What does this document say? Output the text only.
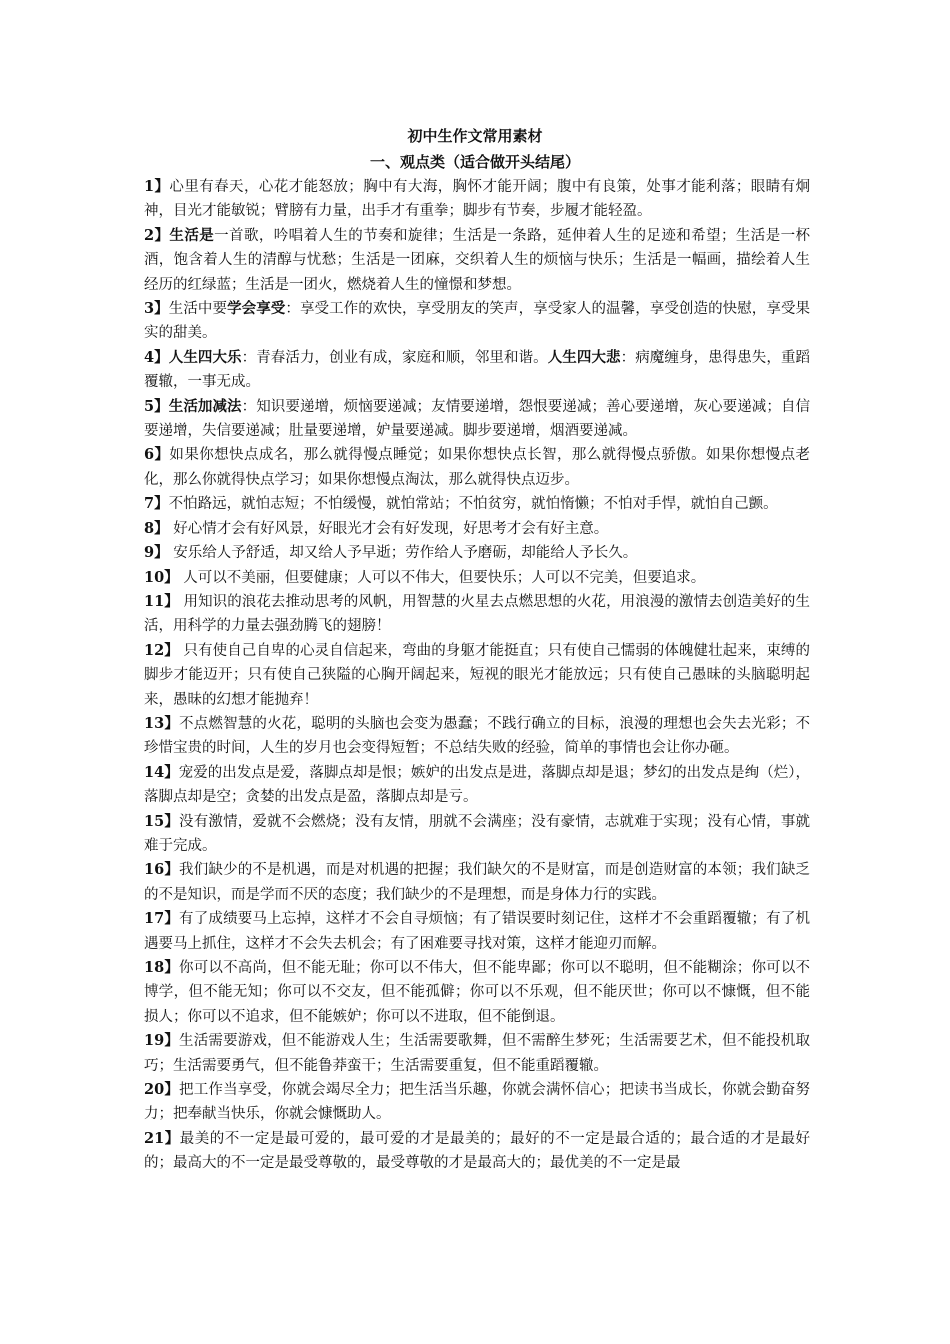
初中生作文常用素材
一、观点类（适合做开头结尾）

1】心里有春天，心花才能怒放；胸中有大海，胸怀才能开阔；腹中有良策，处事才能利落；眼睛有炯神，目光才能敏锐；臂膀有力量，出手才有重拳；脚步有节奏，步履才能轻盈。

2】生活是一首歌，吟唱着人生的节奏和旋律；生活是一条路，延伸着人生的足迹和希望；生活是一杯酒，饱含着人生的清醇与忧愁；生活是一团麻，交织着人生的烦恼与快乐；生活是一幅画，描绘着人生经历的红绿蓝；生活是一团火，燃烧着人生的憧憬和梦想。

3】生活中要学会享受：享受工作的欢快，享受朋友的笑声，享受家人的温馨，享受创造的快慰，享受果实的甜美。

4】人生四大乐：青春活力，创业有成，家庭和顺，邻里和谐。人生四大悲：病魔缠身，患得患失，重蹈覆辙，一事无成。

5】生活加减法：知识要递增，烦恼要递减；友情要递增，怨恨要递减；善心要递增，灰心要递减；自信要递增，失信要递减；肚量要递增，妒量要递减。脚步要递增，烟酒要递减。

6】如果你想快点成名，那么就得慢点睡觉；如果你想快点长智，那么就得慢点骄傲。如果你想慢点老化，那么你就得快点学习；如果你想慢点淘汰，那么就得快点迈步。

7】不怕路远，就怕志短；不怕缓慢，就怕常站；不怕贫穷，就怕惰懒；不怕对手悍，就怕自己颤。

8】 好心情才会有好风景，好眼光才会有好发现，好思考才会有好主意。

9】 安乐给人予舒适，却又给人予早逝；劳作给人予磨砺，却能给人予长久。

10】 人可以不美丽，但要健康；人可以不伟大，但要快乐；人可以不完美，但要追求。

11】 用知识的浪花去推动思考的风帆，用智慧的火星去点燃思想的火花，用浪漫的激情去创造美好的生活，用科学的力量去强劲腾飞的翅膀！

12】 只有使自己自卑的心灵自信起来，弯曲的身躯才能挺直；只有使自己懦弱的体魄健壮起来，束缚的脚步才能迈开；只有使自己狭隘的心胸开阔起来，短视的眼光才能放远；只有使自己愚昧的头脑聪明起来，愚昧的幻想才能抛弃！

13】不点燃智慧的火花，聪明的头脑也会变为愚蠢；不践行确立的目标，浪漫的理想也会失去光彩；不珍惜宝贵的时间，人生的岁月也会变得短暂；不总结失败的经验，简单的事情也会让你办砸。

14】宠爱的出发点是爱，落脚点却是恨；嫉妒的出发点是进，落脚点却是退；梦幻的出发点是绚（烂），落脚点却是空；贪婪的出发点是盈，落脚点却是亏。

15】没有激情，爱就不会燃烧；没有友情，朋就不会满座；没有豪情，志就难于实现；没有心情，事就难于完成。

16】我们缺少的不是机遇，而是对机遇的把握；我们缺欠的不是财富，而是创造财富的本领；我们缺乏的不是知识，而是学而不厌的态度；我们缺少的不是理想，而是身体力行的实践。

17】有了成绩要马上忘掉，这样才不会自寻烦恼；有了错误要时刻记住，这样才不会重蹈覆辙；有了机遇要马上抓住，这样才不会失去机会；有了困难要寻找对策，这样才能迎刃而解。

18】你可以不高尚，但不能无耻；你可以不伟大，但不能卑鄙；你可以不聪明，但不能糊涂；你可以不博学，但不能无知；你可以不交友，但不能孤僻；你可以不乐观，但不能厌世；你可以不慷慨，但不能损人；你可以不追求，但不能嫉妒；你可以不进取，但不能倒退。

19】生活需要游戏，但不能游戏人生；生活需要歌舞，但不需醉生梦死；生活需要艺术，但不能投机取巧；生活需要勇气，但不能鲁莽蛮干；生活需要重复，但不能重蹈覆辙。

20】把工作当享受，你就会竭尽全力；把生活当乐趣，你就会满怀信心；把读书当成长，你就会勤奋努力；把奉献当快乐，你就会慷慨助人。

21】最美的不一定是最可爱的，最可爱的才是最美的；最好的不一定是最合适的；最合适的才是最好的；最高大的不一定是最受尊敬的，最受尊敬的才是最高大的；最优美的不一定是最
